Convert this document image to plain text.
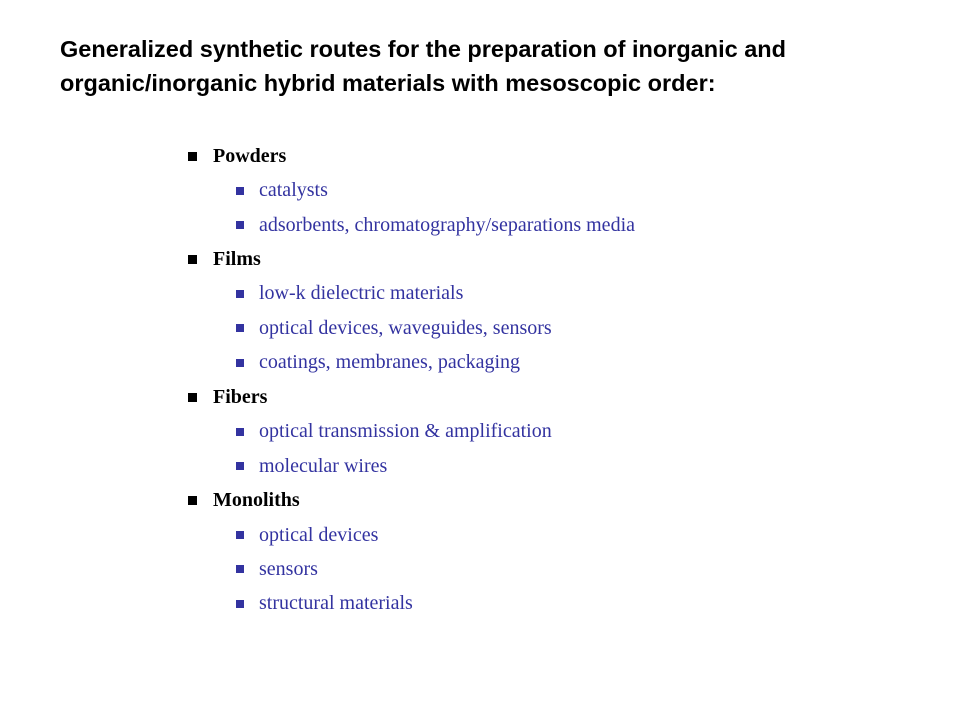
Generalized synthetic routes for the preparation of inorganic and
organic/inorganic hybrid materials with mesoscopic order:
Powders
catalysts
adsorbents, chromatography/separations media
Films
low-k dielectric materials
optical devices, waveguides, sensors
coatings, membranes, packaging
Fibers
optical transmission & amplification
molecular wires
Monoliths
optical devices
sensors
structural materials
